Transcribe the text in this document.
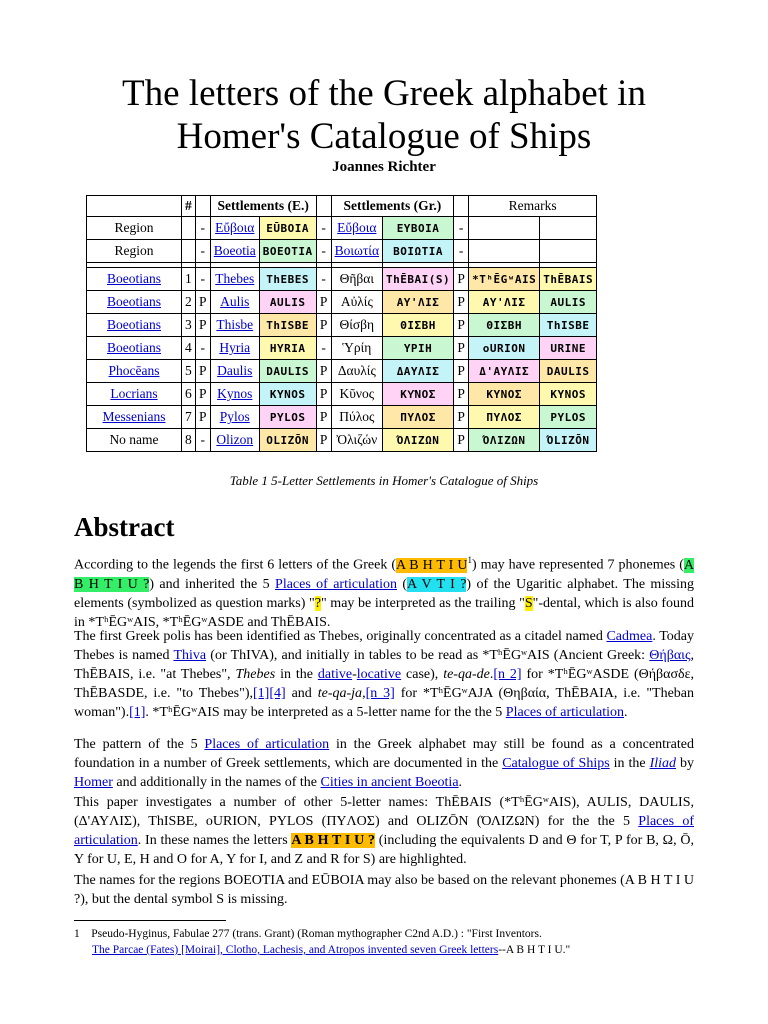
The letters of the Greek alphabet in
Homer's Catalogue of Ships
Joannes Richter
	#		Settlements (E.)			Settlements (Gr.)			Remarks	
Region		-	Εὔβοια	EŪBOIA	-	Εὔβοια	EYBOIA	-		
Region		-	Boeotia	BOEOTIA	-	Βοιωτία	BOIΩTIA	-		

Boeotians	1	-	Thebes	ThEBES	-	Θῆβαι	ThĒBAI(S)	P	*TʰĒGʷAIS	ThĒBAIS
Boeotians	2	P	Aulis	AULIS	P	Αὐλίς	AY'ΛIΣ	P	AY'ΛIΣ	AULIS
Boeotians	3	P	Thisbe	ThISBE	P	Θίσβη	ΘIΣBH	P	ΘIΣBH	ThISBE
Boeotians	4	-	Hyria	HYRIA	-	Ὑρίη	ΥPIH	P	oURION	URINE
Phocēans	5	P	Daulis	DAULIS	P	Δαυλίς	ΔAYΛIΣ	P	Δ'AYΛIΣ	DAULIS
Locrians	6	P	Kynos	KYNOS	P	Κῦνος	KY͂NOΣ	P	KYNOΣ	KYNOS
Messenians	7	P	Pylos	PYLOS	P	Πύλος	ΠYΛOΣ	P	ΠYΛOΣ	PYLOS
No name	8	-	Olizon	OLIZŌN	P	Ὀλιζών	ΌΛIZΩN	P	ΌΛIZΩN	ΌLIZŌN
Table 1 5-Letter Settlements in Homer's Catalogue of Ships
Abstract
According to the legends the first 6 letters of the Greek (A B H T I $U^1$) may have represented 7 phonemes (A B H T I U ?) and inherited the 5 Places of articulation (A V T I ?) of the Ugaritic alphabet. The missing elements (symbolized as question marks) "?" may be interpreted as the trailing "S"-dental, which is also found in *TʰĒGʷAIS, *TʰĒGʷASDE and ThĒBAIS.
The first Greek polis has been identified as Thebes, originally concentrated as a citadel named Cadmea. Today Thebes is named Thiva (or ThIVA), and initially in tables to be read as *TʰĒGʷAIS (Ancient Greek: Θήβαις, ThĒBAIS, i.e. "at Thebes", Thebes in the dative-locative case), te-qa-de.[n 2] for *TʰĒGʷASDE (Θήβασδε, ThĒBASDE, i.e. "to Thebes"),[1][4] and te-qa-ja,[n 3] for *TʰĒGʷAJA (Θηβαία, ThĒBAIA, i.e. "Theban woman").[1]. *TʰĒGʷAIS may be interpreted as a 5-letter name for the the 5 Places of articulation.
The pattern of the 5 Places of articulation in the Greek alphabet may still be found as a concentrated foundation in a number of Greek settlements, which are documented in the Catalogue of Ships in the Iliad by Homer and additionally in the names of the Cities in ancient Boeotia.
This paper investigates a number of other 5-letter names: ThĒBAIS (*TʰĒGʷAIS), AULIS, DAULIS, (Δ'AYΛIΣ), ThISBE, oURION, PYLOS (ΠYΛOΣ) and OLIZŌN (ΌΛIZΩN) for the the 5 Places of articulation. In these names the letters A B H T I U ? (including the equivalents D and Θ for T, P for B, Ω, Ō, Y for U, E, H and O for A, Y for I, and Z and R for S) are highlighted.
The names for the regions BOEOTIA and EŪBOIA may also be based on the relevant phonemes (A B H T I U ?), but the dental symbol S is missing.
1 Pseudo-Hyginus, Fabulae 277 (trans. Grant) (Roman mythographer C2nd A.D.) : "First Inventors.
The Parcae (Fates) [Moirai], Clotho, Lachesis, and Atropos invented seven Greek letters--A B H T I U."
